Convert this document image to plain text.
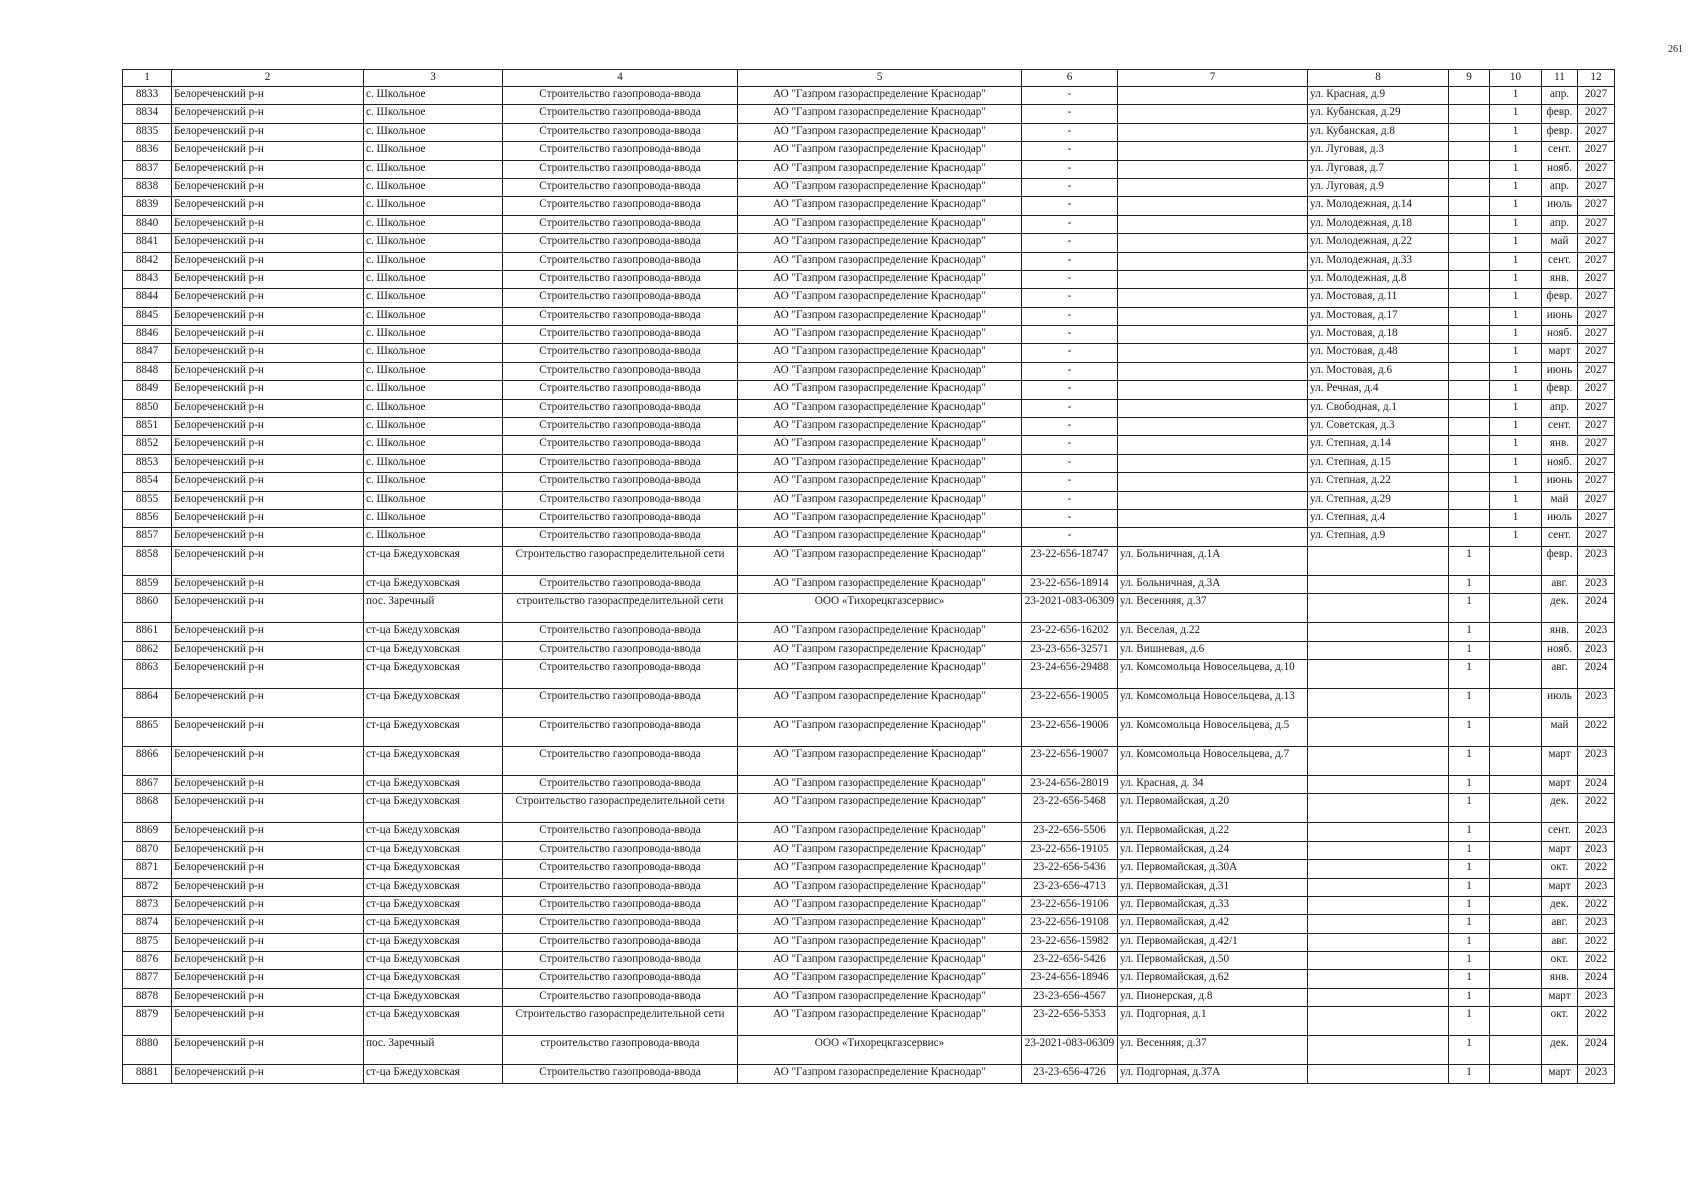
261
1	2	3	4	5	6	7	8	9	10	11	12
8833	Белореченский р-н	с. Школьное	Строительство газопровода-ввода	АО "Газпром газораспределение Краснодар"	-		ул. Красная, д.9		1	апр.	2027
8834	Белореченский р-н	с. Школьное	Строительство газопровода-ввода	АО "Газпром газораспределение Краснодар"	-		ул. Кубанская, д.29		1	февр.	2027
8835	Белореченский р-н	с. Школьное	Строительство газопровода-ввода	АО "Газпром газораспределение Краснодар"	-		ул. Кубанская, д.8		1	февр.	2027
8836	Белореченский р-н	с. Школьное	Строительство газопровода-ввода	АО "Газпром газораспределение Краснодар"	-		ул. Луговая, д.3		1	сент.	2027
8837	Белореченский р-н	с. Школьное	Строительство газопровода-ввода	АО "Газпром газораспределение Краснодар"	-		ул. Луговая, д.7		1	нояб.	2027
8838	Белореченский р-н	с. Школьное	Строительство газопровода-ввода	АО "Газпром газораспределение Краснодар"	-		ул. Луговая, д.9		1	апр.	2027
8839	Белореченский р-н	с. Школьное	Строительство газопровода-ввода	АО "Газпром газораспределение Краснодар"	-		ул. Молодежная, д.14		1	июль	2027
8840	Белореченский р-н	с. Школьное	Строительство газопровода-ввода	АО "Газпром газораспределение Краснодар"	-		ул. Молодежная, д.18		1	апр.	2027
8841	Белореченский р-н	с. Школьное	Строительство газопровода-ввода	АО "Газпром газораспределение Краснодар"	-		ул. Молодежная, д.22		1	май	2027
8842	Белореченский р-н	с. Школьное	Строительство газопровода-ввода	АО "Газпром газораспределение Краснодар"	-		ул. Молодежная, д.33		1	сент.	2027
8843	Белореченский р-н	с. Школьное	Строительство газопровода-ввода	АО "Газпром газораспределение Краснодар"	-		ул. Молодежная, д.8		1	янв.	2027
8844	Белореченский р-н	с. Школьное	Строительство газопровода-ввода	АО "Газпром газораспределение Краснодар"	-		ул. Мостовая, д.11		1	февр.	2027
8845	Белореченский р-н	с. Школьное	Строительство газопровода-ввода	АО "Газпром газораспределение Краснодар"	-		ул. Мостовая, д.17		1	июнь	2027
8846	Белореченский р-н	с. Школьное	Строительство газопровода-ввода	АО "Газпром газораспределение Краснодар"	-		ул. Мостовая, д.18		1	нояб.	2027
8847	Белореченский р-н	с. Школьное	Строительство газопровода-ввода	АО "Газпром газораспределение Краснодар"	-		ул. Мостовая, д.48		1	март	2027
8848	Белореченский р-н	с. Школьное	Строительство газопровода-ввода	АО "Газпром газораспределение Краснодар"	-		ул. Мостовая, д.6		1	июнь	2027
8849	Белореченский р-н	с. Школьное	Строительство газопровода-ввода	АО "Газпром газораспределение Краснодар"	-		ул. Речная, д.4		1	февр.	2027
8850	Белореченский р-н	с. Школьное	Строительство газопровода-ввода	АО "Газпром газораспределение Краснодар"	-		ул. Свободная, д.1		1	апр.	2027
8851	Белореченский р-н	с. Школьное	Строительство газопровода-ввода	АО "Газпром газораспределение Краснодар"	-		ул. Советская, д.3		1	сент.	2027
8852	Белореченский р-н	с. Школьное	Строительство газопровода-ввода	АО "Газпром газораспределение Краснодар"	-		ул. Степная, д.14		1	янв.	2027
8853	Белореченский р-н	с. Школьное	Строительство газопровода-ввода	АО "Газпром газораспределение Краснодар"	-		ул. Степная, д.15		1	нояб.	2027
8854	Белореченский р-н	с. Школьное	Строительство газопровода-ввода	АО "Газпром газораспределение Краснодар"	-		ул. Степная, д.22		1	июнь	2027
8855	Белореченский р-н	с. Школьное	Строительство газопровода-ввода	АО "Газпром газораспределение Краснодар"	-		ул. Степная, д.29		1	май	2027
8856	Белореченский р-н	с. Школьное	Строительство газопровода-ввода	АО "Газпром газораспределение Краснодар"	-		ул. Степная, д.4		1	июль	2027
8857	Белореченский р-н	с. Школьное	Строительство газопровода-ввода	АО "Газпром газораспределение Краснодар"	-		ул. Степная, д.9		1	сент.	2027
8858	Белореченский р-н	ст-ца Бжедуховская	Строительство газораспределительной сети	АО "Газпром газораспределение Краснодар"	23-22-656-18747	ул. Больничная, д.1А		1		февр.	2023
8859	Белореченский р-н	ст-ца Бжедуховская	Строительство газопровода-ввода	АО "Газпром газораспределение Краснодар"	23-22-656-18914	ул. Больничная, д.3А		1		авг.	2023
8860	Белореченский р-н	пос. Заречный	строительство газораспределительной сети	ООО «Тихорецкгазсервис»	23-2021-083-06309	ул. Весенняя, д.37		1		дек.	2024
8861	Белореченский р-н	ст-ца Бжедуховская	Строительство газопровода-ввода	АО "Газпром газораспределение Краснодар"	23-22-656-16202	ул. Веселая, д.22		1		янв.	2023
8862	Белореченский р-н	ст-ца Бжедуховская	Строительство газопровода-ввода	АО "Газпром газораспределение Краснодар"	23-23-656-32571	ул. Вишневая, д.6		1		нояб.	2023
8863	Белореченский р-н	ст-ца Бжедуховская	Строительство газопровода-ввода	АО "Газпром газораспределение Краснодар"	23-24-656-29488	ул. Комсомольца Новосельцева, д.10		1		авг.	2024
8864	Белореченский р-н	ст-ца Бжедуховская	Строительство газопровода-ввода	АО "Газпром газораспределение Краснодар"	23-22-656-19005	ул. Комсомольца Новосельцева, д.13		1		июль	2023
8865	Белореченский р-н	ст-ца Бжедуховская	Строительство газопровода-ввода	АО "Газпром газораспределение Краснодар"	23-22-656-19006	ул. Комсомольца Новосельцева, д.5		1		май	2022
8866	Белореченский р-н	ст-ца Бжедуховская	Строительство газопровода-ввода	АО "Газпром газораспределение Краснодар"	23-22-656-19007	ул. Комсомольца Новосельцева, д.7		1		март	2023
8867	Белореченский р-н	ст-ца Бжедуховская	Строительство газопровода-ввода	АО "Газпром газораспределение Краснодар"	23-24-656-28019	ул. Красная, д. 34		1		март	2024
8868	Белореченский р-н	ст-ца Бжедуховская	Строительство газораспределительной сети	АО "Газпром газораспределение Краснодар"	23-22-656-5468	ул. Первомайская, д.20		1		дек.	2022
8869	Белореченский р-н	ст-ца Бжедуховская	Строительство газопровода-ввода	АО "Газпром газораспределение Краснодар"	23-22-656-5506	ул. Первомайская, д.22		1		сент.	2023
8870	Белореченский р-н	ст-ца Бжедуховская	Строительство газопровода-ввода	АО "Газпром газораспределение Краснодар"	23-22-656-19105	ул. Первомайская, д.24		1		март	2023
8871	Белореченский р-н	ст-ца Бжедуховская	Строительство газопровода-ввода	АО "Газпром газораспределение Краснодар"	23-22-656-5436	ул. Первомайская, д.30А		1		окт.	2022
8872	Белореченский р-н	ст-ца Бжедуховская	Строительство газопровода-ввода	АО "Газпром газораспределение Краснодар"	23-23-656-4713	ул. Первомайская, д.31		1		март	2023
8873	Белореченский р-н	ст-ца Бжедуховская	Строительство газопровода-ввода	АО "Газпром газораспределение Краснодар"	23-22-656-19106	ул. Первомайская, д.33		1		дек.	2022
8874	Белореченский р-н	ст-ца Бжедуховская	Строительство газопровода-ввода	АО "Газпром газораспределение Краснодар"	23-22-656-19108	ул. Первомайская, д.42		1		авг.	2023
8875	Белореченский р-н	ст-ца Бжедуховская	Строительство газопровода-ввода	АО "Газпром газораспределение Краснодар"	23-22-656-15982	ул. Первомайская, д.42/1		1		авг.	2022
8876	Белореченский р-н	ст-ца Бжедуховская	Строительство газопровода-ввода	АО "Газпром газораспределение Краснодар"	23-22-656-5426	ул. Первомайская, д.50		1		окт.	2022
8877	Белореченский р-н	ст-ца Бжедуховская	Строительство газопровода-ввода	АО "Газпром газораспределение Краснодар"	23-24-656-18946	ул. Первомайская, д.62		1		янв.	2024
8878	Белореченский р-н	ст-ца Бжедуховская	Строительство газопровода-ввода	АО "Газпром газораспределение Краснодар"	23-23-656-4567	ул. Пионерская, д.8		1		март	2023
8879	Белореченский р-н	ст-ца Бжедуховская	Строительство газораспределительной сети	АО "Газпром газораспределение Краснодар"	23-22-656-5353	ул. Подгорная, д.1		1		окт.	2022
8880	Белореченский р-н	пос. Заречный	строительство газопровода-ввода	ООО «Тихорецкгазсервис»	23-2021-083-06309	ул. Весенняя, д.37		1		дек.	2024
8881	Белореченский р-н	ст-ца Бжедуховская	Строительство газопровода-ввода	АО "Газпром газораспределение Краснодар"	23-23-656-4726	ул. Подгорная, д.37А		1		март	2023
